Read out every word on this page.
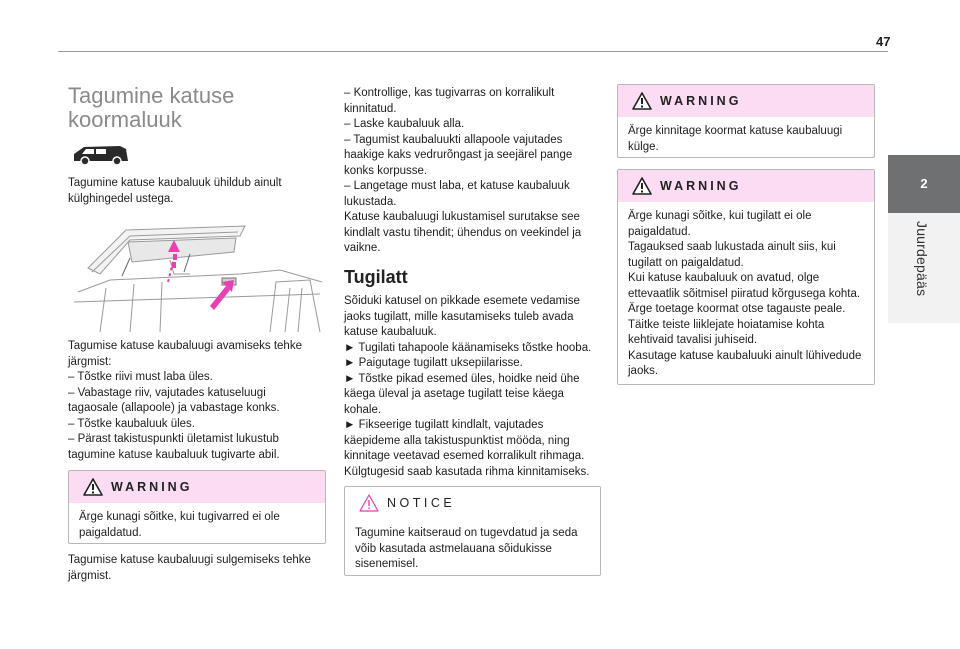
47
2
Juurdepääs
Tagumine katuse koormaluuk
Tagumine katuse kaubaluuk ühildub ainult
külghingedel ustega.
Tagumise katuse kaubaluugi avamiseks tehke
järgmist:
– Tõstke riivi must laba üles.
– Vabastage riiv, vajutades katuseluugi
tagaosale (allapoole) ja vabastage konks.
– Tõstke kaubaluuk üles.
– Pärast takistuspunkti ületamist lukustub
tagumine katuse kaubaluuk tugivarte abil.
WARNING
Ärge kunagi sõitke, kui tugivarred ei ole
paigaldatud.
Tagumise katuse kaubaluugi sulgemiseks tehke
järgmist.
– Kontrollige, kas tugivarras on korralikult
kinnitatud.
– Laske kaubaluuk alla.
– Tagumist kaubaluukti allapoole vajutades
haakige kaks vedrurõngast ja seejärel pange
konks korpusse.
– Langetage must laba, et katuse kaubaluuk
lukustada.
Katuse kaubaluugi lukustamisel surutakse see
kindlalt vastu tihendit; ühendus on veekindel ja
vaikne.
Tugilatt
Sõiduki katusel on pikkade esemete vedamise
jaoks tugilatt, mille kasutamiseks tuleb avada
katuse kaubaluuk.
► Tugilati tahapoole käänamiseks tõstke hooba.
► Paigutage tugilatt uksepiilarisse.
► Tõstke pikad esemed üles, hoidke neid ühe
käega üleval ja asetage tugilatt teise käega
kohale.
► Fikseerige tugilatt kindlalt, vajutades
käepideme alla takistuspunktist mööda, ning
kinnitage veetavad esemed korralikult rihmaga.
Külgtugesid saab kasutada rihma kinnitamiseks.
NOTICE
Tagumine kaitseraud on tugevdatud ja seda
võib kasutada astmelauana sõidukisse
sisenemisel.
WARNING
Ärge kinnitage koormat katuse kaubaluugi
külge.
WARNING
Ärge kunagi sõitke, kui tugilatt ei ole
paigaldatud.
Tagauksed saab lukustada ainult siis, kui
tugilatt on paigaldatud.
Kui katuse kaubaluuk on avatud, olge
ettevaatlik sõitmisel piiratud kõrgusega kohta.
Ärge toetage koormat otse tagauste peale.
Täitke teiste liiklejate hoiatamise kohta
kehtivaid tavalisi juhiseid.
Kasutage katuse kaubaluuki ainult lühivedude
jaoks.
